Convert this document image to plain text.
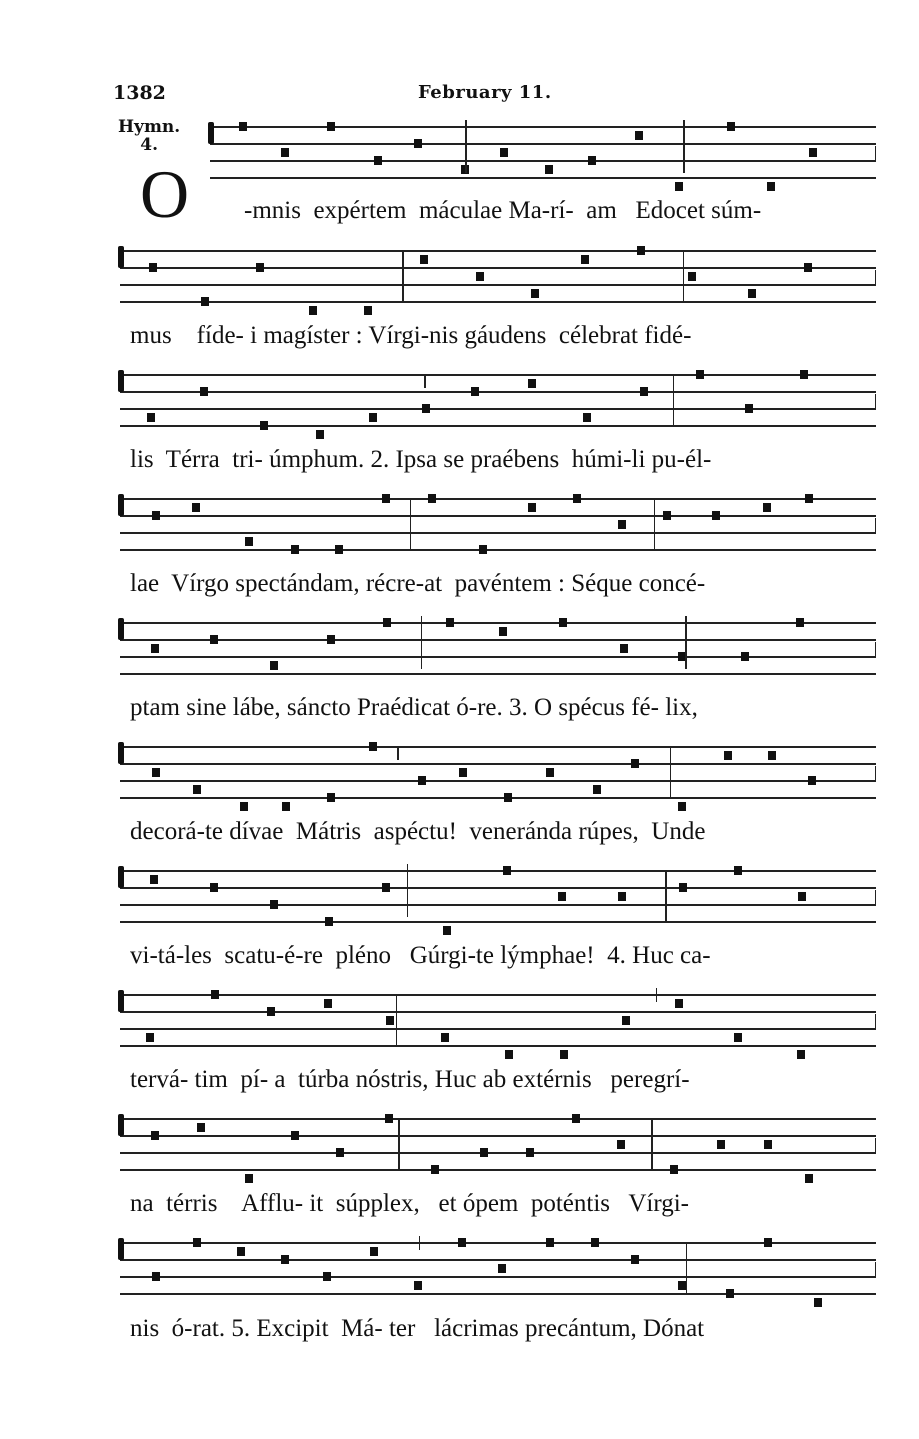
1382	February 11.
Hymn.
4.
O -mnis  expértem  máculae Ma-rí-  am   Edocet súm-
mus    fíde- i magíster : Vírgi-nis gáudens  célebrat fidé-
lis  Térra  tri- úmphum. 2. Ipsa se praébens  húmi-li pu-él-
lae  Vírgo spectándam, récre-at  pavéntem : Séque concé-
ptam sine lábe, sáncto Praédicat ó-re. 3. O spécus fé- lix,
decorá-te dívae  Mátris  aspéctu!  veneránda rúpes,  Unde
vi-tá-les  scatu-é-re  pléno   Gúrgi-te lýmphae!  4. Huc ca-
tervá- tim  pí- a  túrba nóstris, Huc ab extérnis   peregrí-
na  térris    Afflu- it  súpplex,   et ópem  poténtis   Vírgi-
nis  ó-rat. 5. Excipit  Má- ter   lácrimas precántum, Dónat
